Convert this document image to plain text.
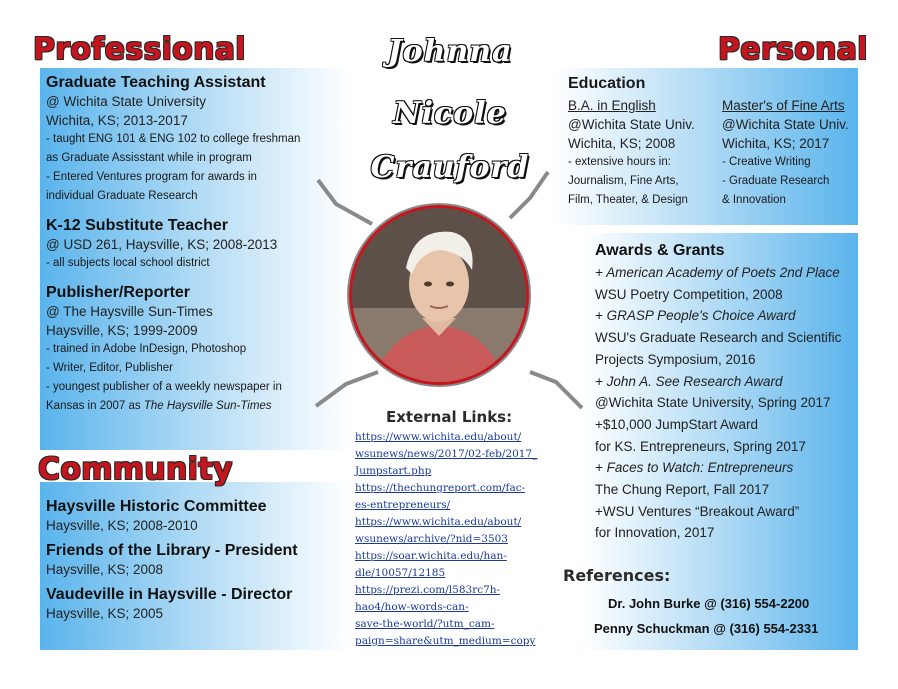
Professional	Personal
Community
Johnna
Nicole
Crauford
Graduate Teaching Assistant
@ Wichita State University
Wichita, KS; 2013-2017
- taught ENG 101 & ENG 102 to college freshman
as Graduate Assisstant while in program
- Entered Ventures program for awards in
individual Graduate Research
K-12 Substitute Teacher
@ USD 261, Haysville, KS; 2008-2013
- all subjects local school district
Publisher/Reporter
@ The Haysville Sun-Times
Haysville, KS; 1999-2009
- trained in Adobe InDesign, Photoshop
- Writer, Editor, Publisher
- youngest publisher of a weekly newspaper in
Kansas in 2007 as The Haysville Sun-Times
Haysville Historic Committee
Haysville, KS; 2008-2010
Friends of the Library - President
Haysville, KS; 2008
Vaudeville in Haysville - Director
Haysville, KS; 2005
Education
B.A. in English
@Wichita State Univ.
Wichita, KS; 2008
- extensive hours in:
Journalism, Fine Arts,
Film, Theater, & Design
Master's of Fine Arts
@Wichita State Univ.
Wichita, KS; 2017
- Creative Writing
- Graduate Research
& Innovation
Awards & Grants
+ American Academy of Poets 2nd Place
WSU Poetry Competition, 2008
+ GRASP People's Choice Award
WSU's Graduate Research and Scientific
Projects Symposium, 2016
+ John A. See Research Award
@Wichita State University, Spring 2017
+$10,000 JumpStart Award
for KS. Entrepreneurs, Spring 2017
+ Faces to Watch: Entrepreneurs
The Chung Report, Fall 2017
+WSU Ventures “Breakout Award”
for Innovation, 2017
External Links:
https://www.wichita.edu/about/
wsunews/news/2017/02-feb/2017_
Jumpstart.php
https://thechungreport.com/fac-
es-entrepreneurs/
https://www.wichita.edu/about/
wsunews/archive/?nid=3503
https://soar.wichita.edu/han-
dle/10057/12185
https://prezi.com/l583rc7h-
hao4/how-words-can-
save-the-world/?utm_cam-
paign=share&utm_medium=copy
References:
Dr. John Burke @ (316) 554-2200
Penny Schuckman @ (316) 554-2331
